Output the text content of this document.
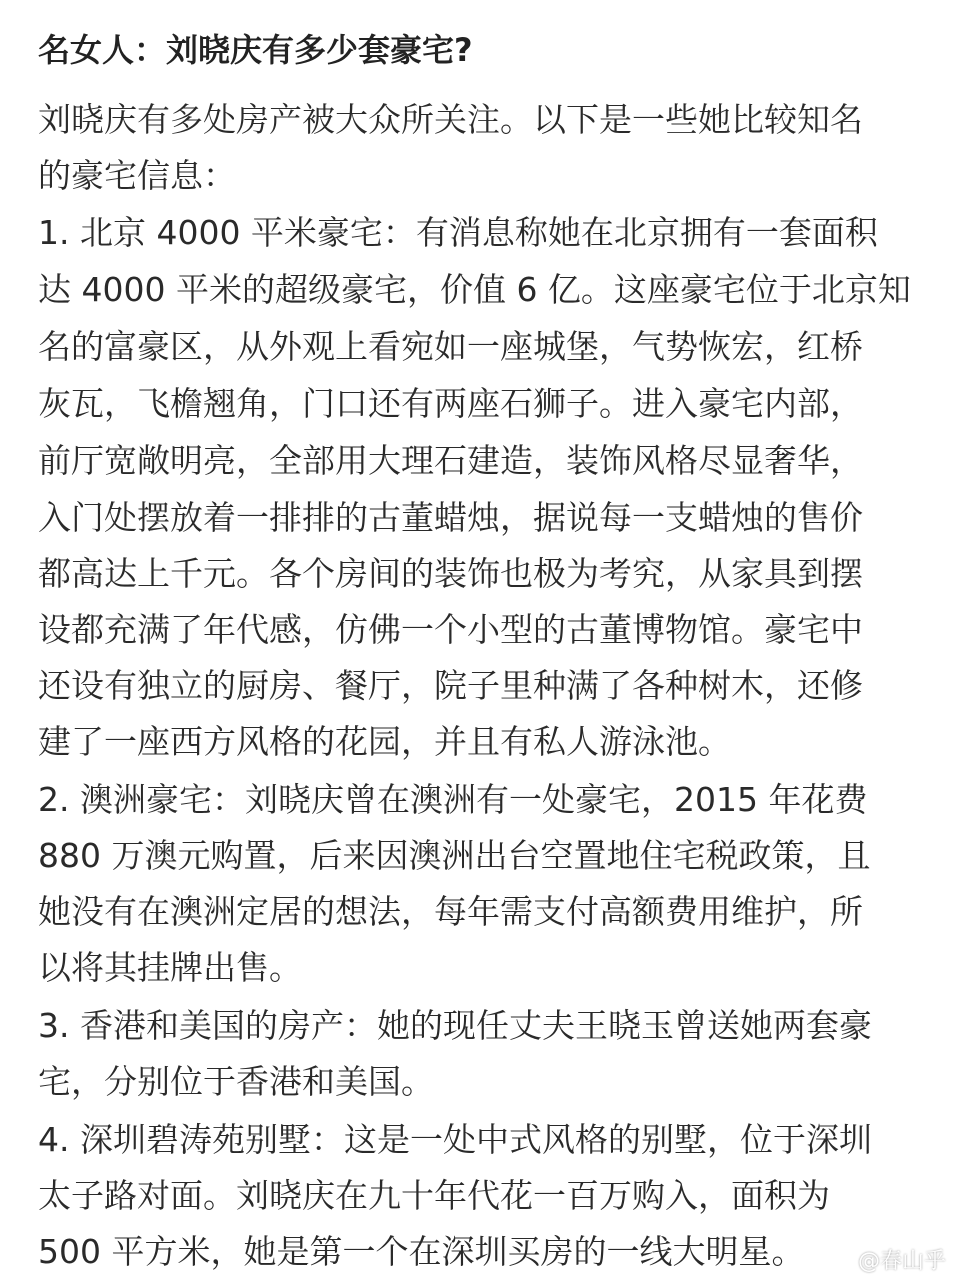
名女人：刘晓庆有多少套豪宅?

刘晓庆有多处房产被大众所关注。以下是一些她比较知名

的豪宅信息：

1. 北京 4000 平米豪宅：有消息称她在北京拥有一套面积

达 4000 平米的超级豪宅，价值 6 亿。这座豪宅位于北京知

名的富豪区，从外观上看宛如一座城堡，气势恢宏，红桥

灰瓦，飞檐翘角，门口还有两座石狮子。进入豪宅内部，

前厅宽敞明亮，全部用大理石建造，装饰风格尽显奢华，

入门处摆放着一排排的古董蜡烛，据说每一支蜡烛的售价

都高达上千元。各个房间的装饰也极为考究，从家具到摆

设都充满了年代感，仿佛一个小型的古董博物馆。豪宅中

还设有独立的厨房、餐厅，院子里种满了各种树木，还修

建了一座西方风格的花园，并且有私人游泳池。

2. 澳洲豪宅：刘晓庆曾在澳洲有一处豪宅，2015 年花费

880 万澳元购置，后来因澳洲出台空置地住宅税政策，且

她没有在澳洲定居的想法，每年需支付高额费用维护，所

以将其挂牌出售。

3. 香港和美国的房产：她的现任丈夫王晓玉曾送她两套豪

宅，分别位于香港和美国。

4. 深圳碧涛苑别墅：这是一处中式风格的别墅，位于深圳

太子路对面。刘晓庆在九十年代花一百万购入，面积为

500 平方米，她是第一个在深圳买房的一线大明星。 @春山乎
